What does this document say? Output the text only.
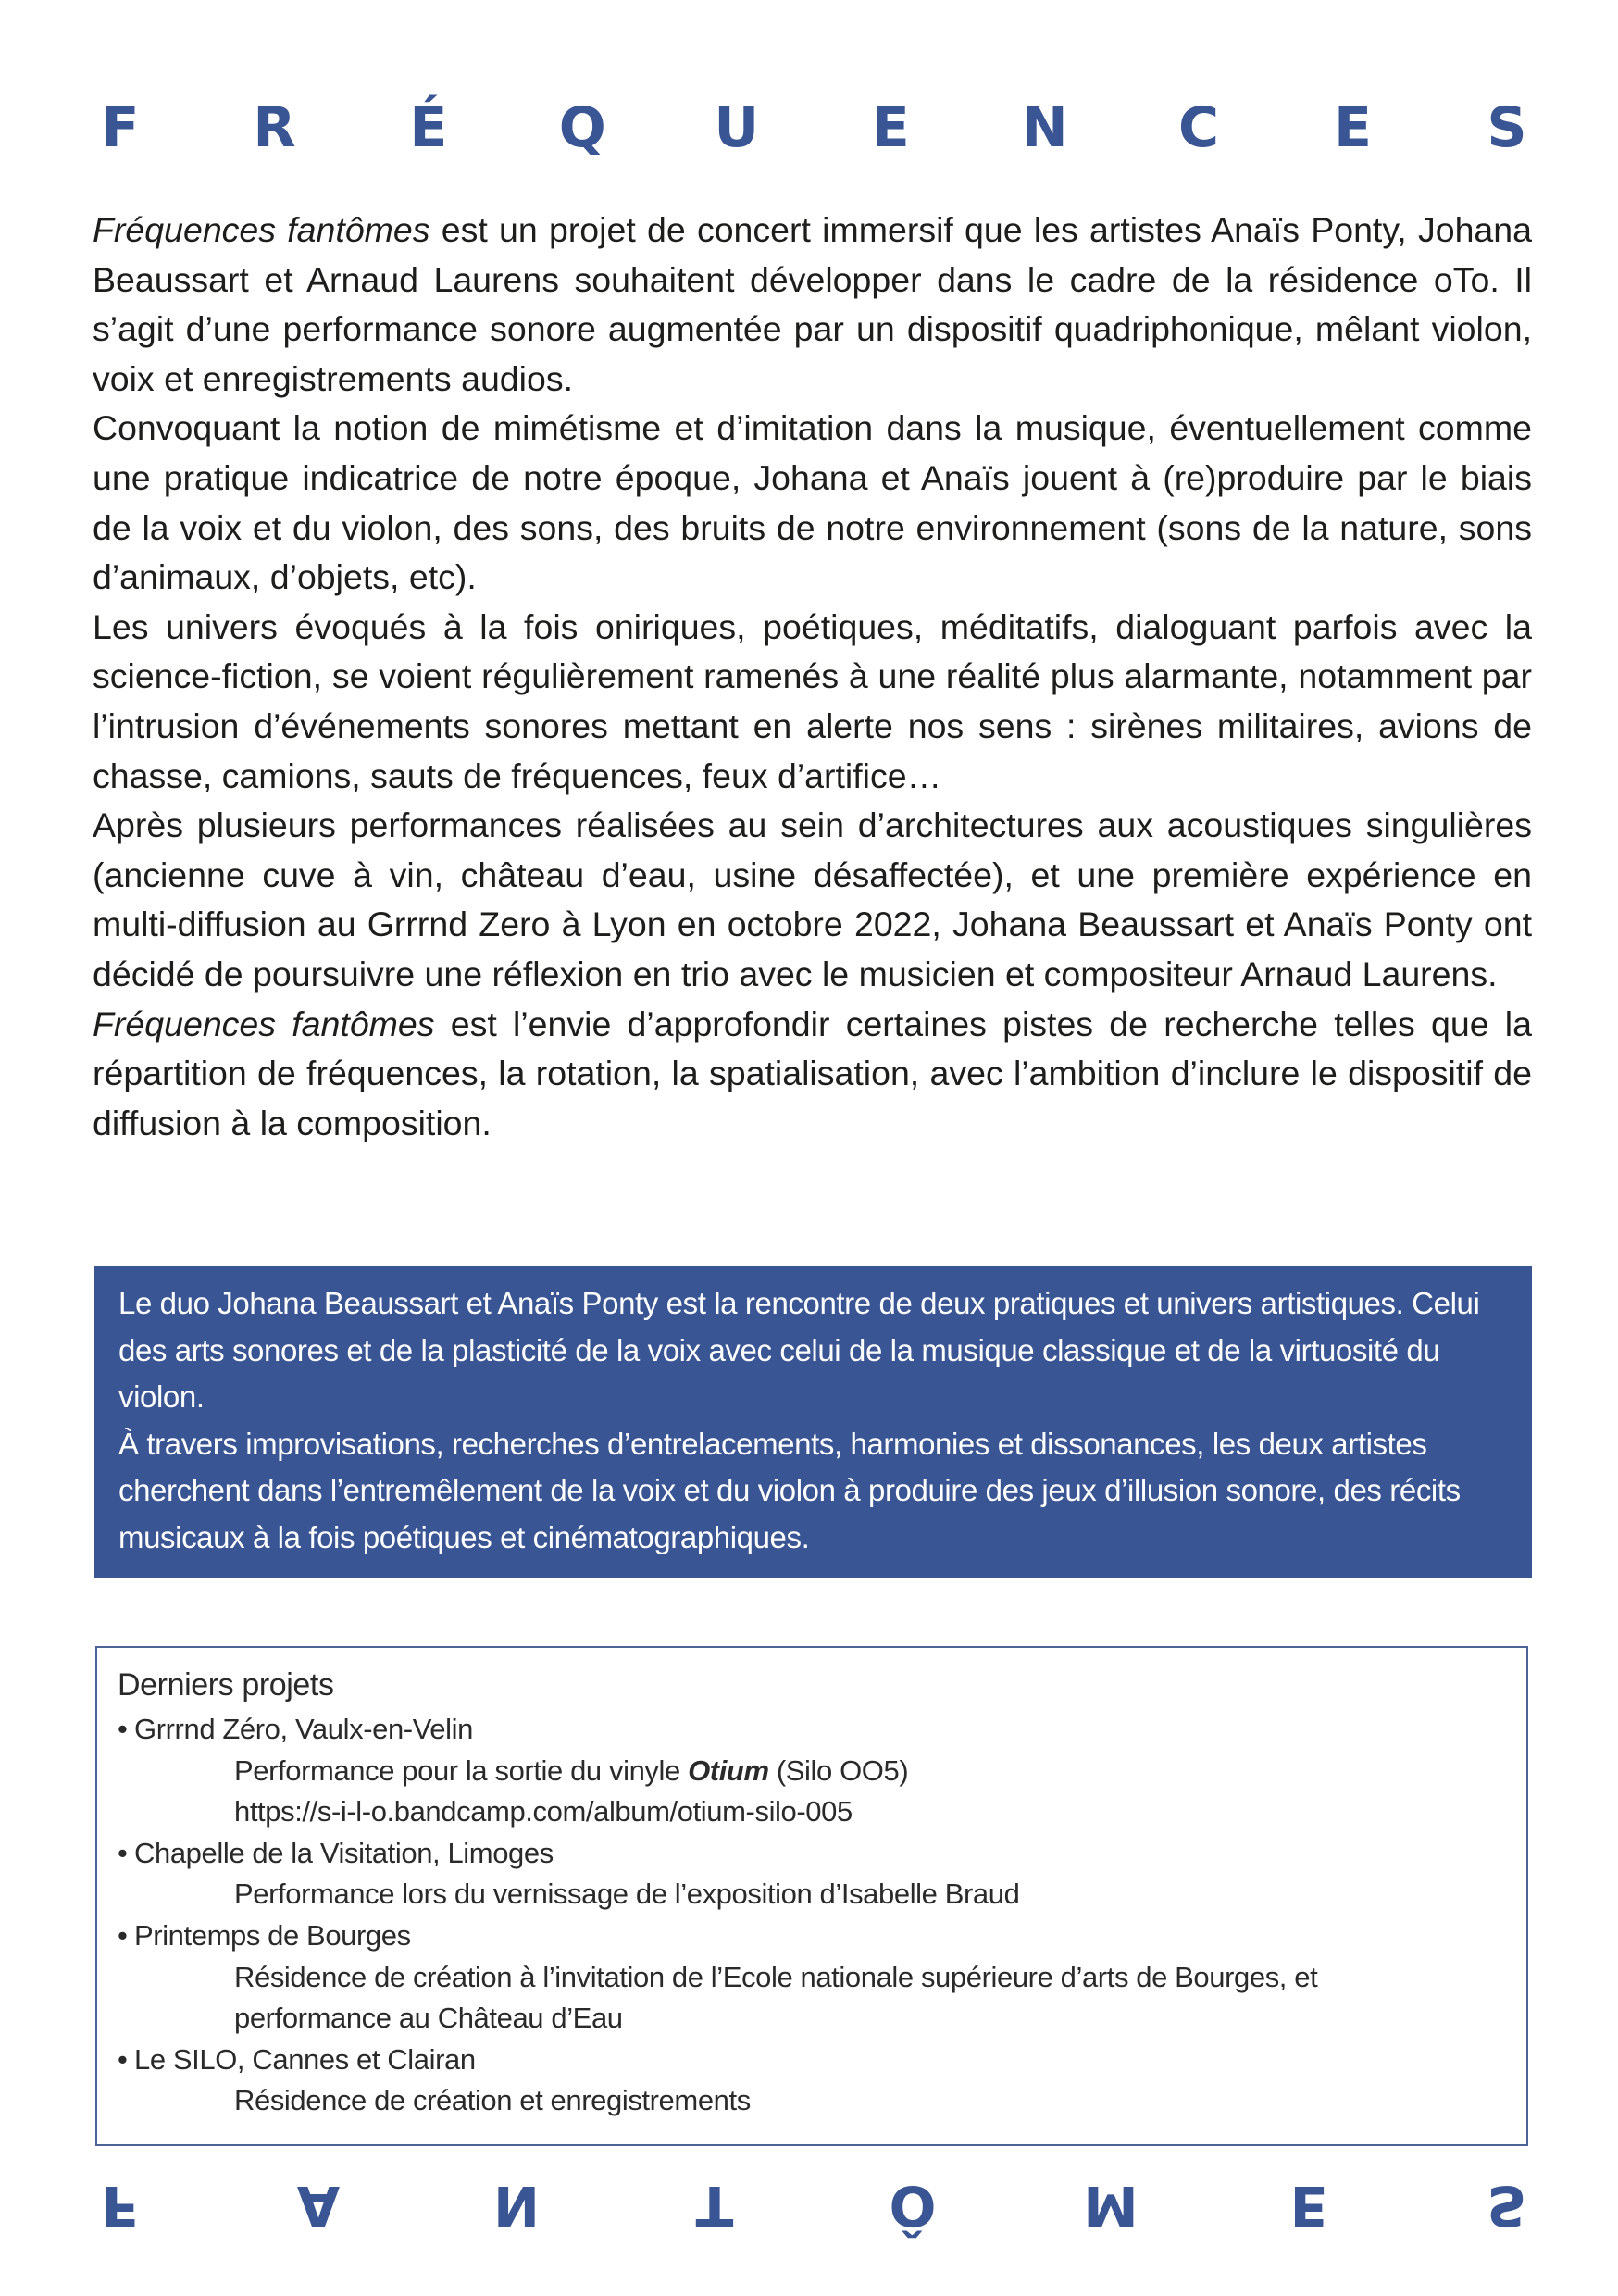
F R É Q U E N C E S

Fréquences fantômes est un projet de concert immersif que les artistes Anaïs Ponty, Johana Beaussart et Arnaud Laurens souhaitent développer dans le cadre de la résidence oTo. Il s’agit d’une performance sonore augmentée par un dispositif quadriphonique, mêlant violon, voix et enregistrements audios.

Convoquant la notion de mimétisme et d’imitation dans la musique, éventuellement comme une pratique indicatrice de notre époque, Johana et Anaïs jouent à (re)produire par le biais de la voix et du violon, des sons, des bruits de notre environnement (sons de la nature, sons d’animaux, d’objets, etc).

Les univers évoqués à la fois oniriques, poétiques, méditatifs, dialoguant parfois avec la science-fiction, se voient régulièrement ramenés à une réalité plus alarmante, notamment par l’intrusion d’événements sonores mettant en alerte nos sens : sirènes militaires, avions de chasse, camions, sauts de fréquences, feux d’artifice…

Après plusieurs performances réalisées au sein d’architectures aux acoustiques singulières (ancienne cuve à vin, château d’eau, usine désaffectée), et une première expérience en multi-diffusion au Grrrnd Zero à Lyon en octobre 2022, Johana Beaussart et Anaïs Ponty ont décidé de poursuivre une réflexion en trio avec le musicien et compositeur Arnaud Laurens.

Fréquences fantômes est l’envie d’approfondir certaines pistes de recherche telles que la répartition de fréquences, la rotation, la spatialisation, avec l’ambition d’inclure le dispositif de diffusion à la composition.

Le duo Johana Beaussart et Anaïs Ponty est la rencontre de deux pratiques et univers artistiques. Celui des arts sonores et de la plasticité de la voix avec celui de la musique classique et de la virtuosité du violon.

À travers improvisations, recherches d’entrelacements, harmonies et dissonances, les deux artistes cherchent dans l’entremêlement de la voix et du violon à produire des jeux d’illusion sonore, des récits musicaux à la fois poétiques et cinématographiques.

Derniers projets

• Grrrnd Zéro, Vaulx-en-Velin

Performance pour la sortie du vinyle Otium (Silo OO5)

https://s-i-l-o.bandcamp.com/album/otium-silo-005

• Chapelle de la Visitation, Limoges

Performance lors du vernissage de l’exposition d’Isabelle Braud

• Printemps de Bourges

Résidence de création à l’invitation de l’Ecole nationale supérieure d’arts de Bourges, et

performance au Château d’Eau

• Le SILO, Cannes et Clairan

Résidence de création et enregistrements

F	A	N	T	Ô	M	E	S
